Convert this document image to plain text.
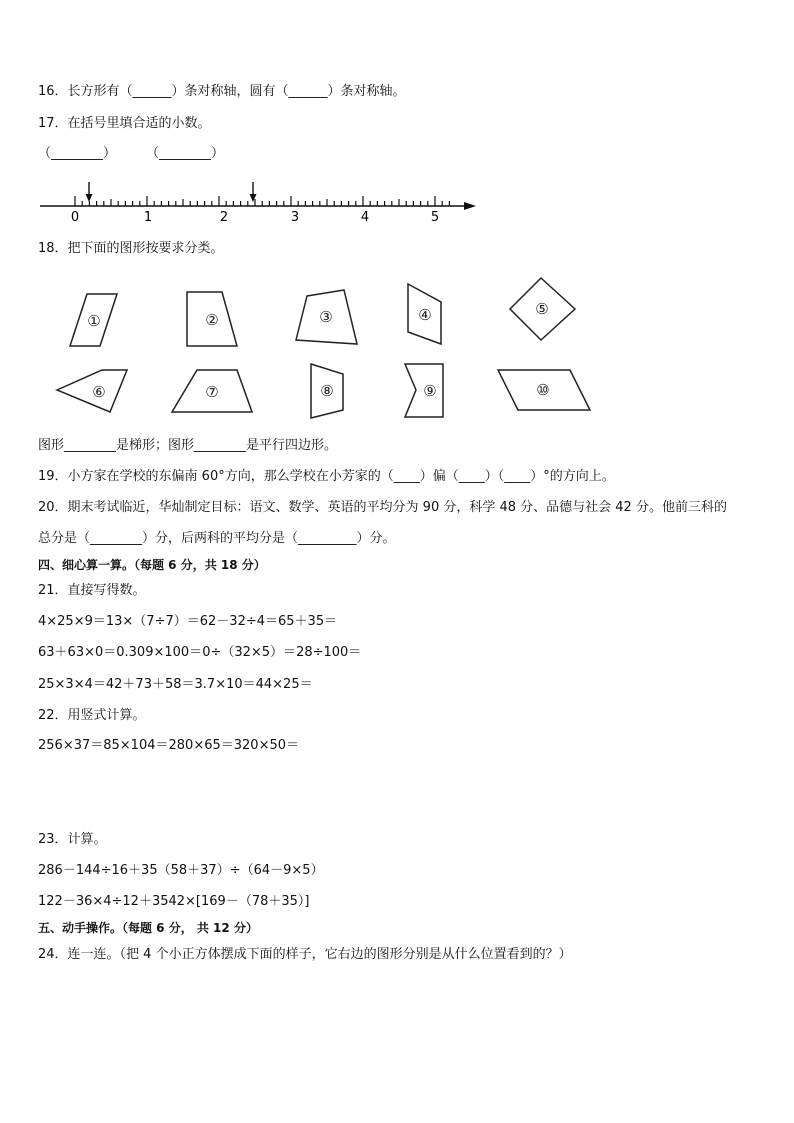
16．长方形有（______）条对称轴，圆有（______）条对称轴。
17．在括号里填合适的小数。
（________） （________）
0	1	2	3	4	5
18．把下面的图形按要求分类。
①	②	③	④	⑤
⑥	⑦	⑧	⑨	⑩
图形________是梯形；图形________是平行四边形。
19．小方家在学校的东偏南 60°方向，那么学校在小芳家的（____）偏（____）（____）°的方向上。
20．期末考试临近，华灿制定目标：语文、数学、英语的平均分为 90 分，科学 48 分、品德与社会 42 分。他前三科的
总分是（________）分，后两科的平均分是（_________）分。
四、细心算一算。（每题 6 分，共 18 分）
21．直接写得数。
4×25×9＝13×（7÷7）＝62－32÷4＝65＋35＝
63＋63×0＝0.309×100＝0÷（32×5）＝28÷100＝
25×3×4＝42＋73＋58＝3.7×10＝44×25＝
22．用竖式计算。
256×37＝85×104＝280×65＝320×50＝
23．计算。
286－144÷16＋35（58＋37）÷（64－9×5）
122－36×4÷12＋3542×[169－（78＋35）]
五、动手操作。（每题 6 分， 共 12 分）
24．连一连。（把 4 个小正方体摆成下面的样子，它右边的图形分别是从什么位置看到的？）
